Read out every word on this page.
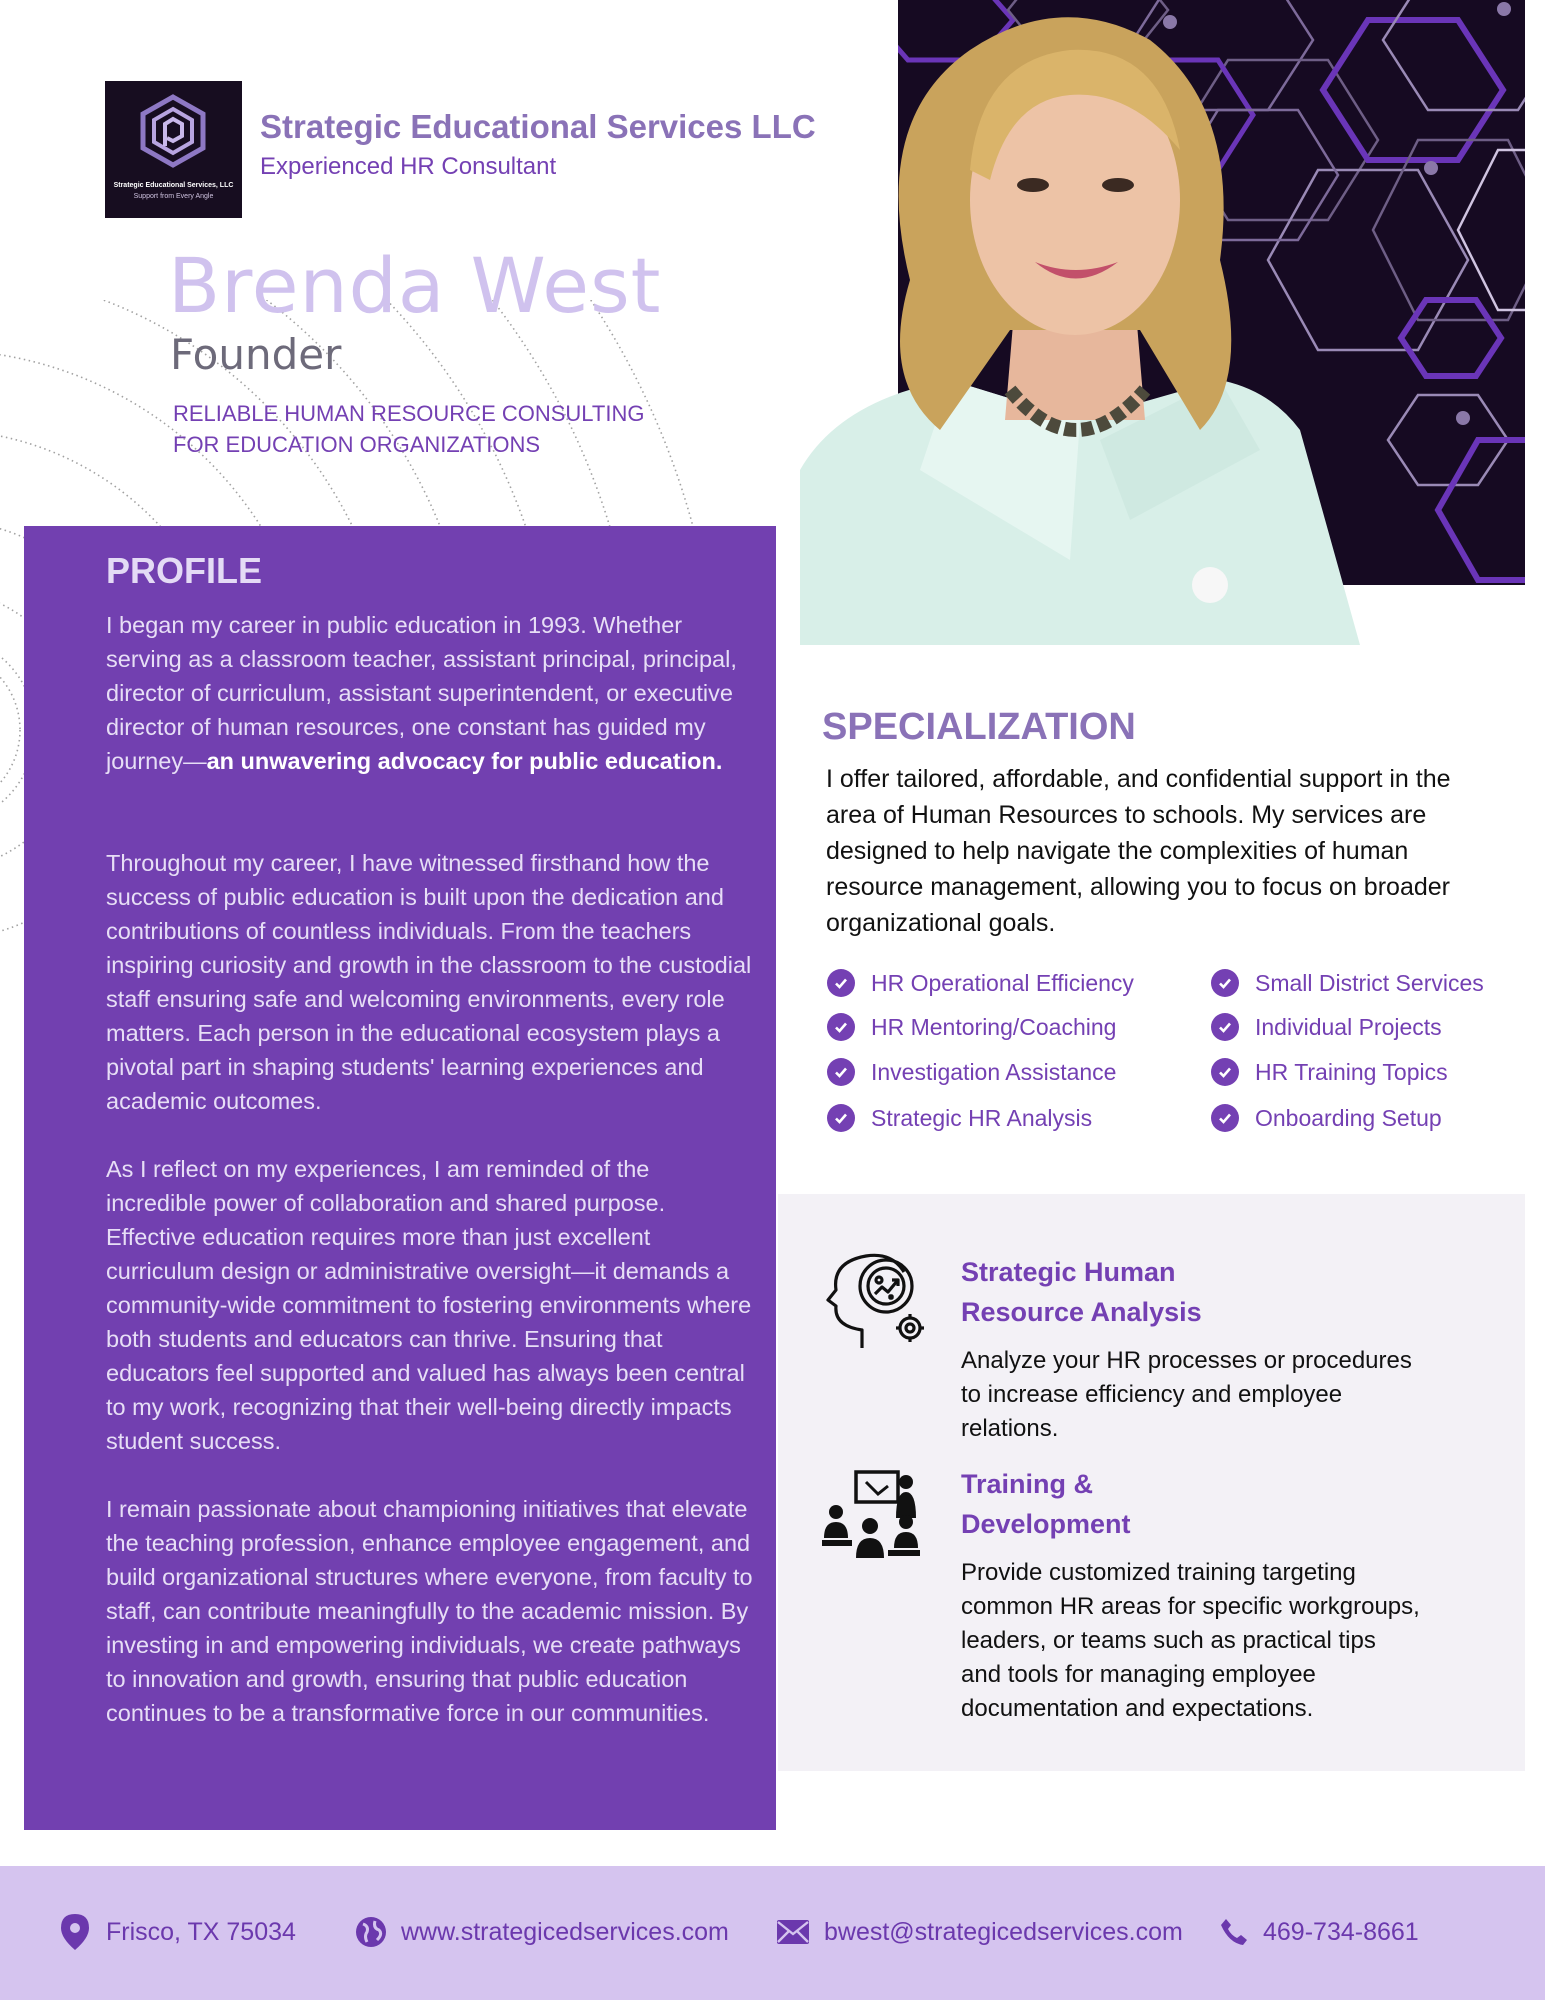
Strategic Educational Services, LLC
Support from Every Angle
Strategic Educational Services LLC
Experienced HR Consultant
Brenda West
Founder
RELIABLE HUMAN RESOURCE CONSULTING
FOR EDUCATION ORGANIZATIONS
PROFILE
I began my career in public education in 1993. Whether serving as a classroom teacher, assistant principal, principal, director of curriculum, assistant superintendent, or executive director of human resources, one constant has guided my journey—an unwavering advocacy for public education.
Throughout my career, I have witnessed firsthand how the success of public education is built upon the dedication and contributions of countless individuals. From the teachers inspiring curiosity and growth in the classroom to the custodial staff ensuring safe and welcoming environments, every role matters. Each person in the educational ecosystem plays a pivotal part in shaping students' learning experiences and academic outcomes.
As I reflect on my experiences, I am reminded of the incredible power of collaboration and shared purpose. Effective education requires more than just excellent curriculum design or administrative oversight—it demands a community-wide commitment to fostering environments where both students and educators can thrive. Ensuring that educators feel supported and valued has always been central to my work, recognizing that their well-being directly impacts student success.
I remain passionate about championing initiatives that elevate the teaching profession, enhance employee engagement, and build organizational structures where everyone, from faculty to staff, can contribute meaningfully to the academic mission. By investing in and empowering individuals, we create pathways to innovation and growth, ensuring that public education continues to be a transformative force in our communities.
SPECIALIZATION
I offer tailored, affordable, and confidential support in the area of Human Resources to schools. My services are designed to help navigate the complexities of human resource management, allowing you to focus on broader organizational goals.
HR Operational Efficiency
HR Mentoring/Coaching
Investigation Assistance
Strategic HR Analysis
Small District Services
Individual Projects
HR Training Topics
Onboarding Setup
Strategic Human
Resource Analysis
Analyze your HR processes or procedures to increase efficiency and employee relations.
Training &
Development
Provide customized training targeting common HR areas for specific workgroups, leaders, or teams such as practical tips and tools for managing employee documentation and expectations.
Frisco, TX 75034	www.strategicedservices.com	bwest@strategicedservices.com	469-734-8661
